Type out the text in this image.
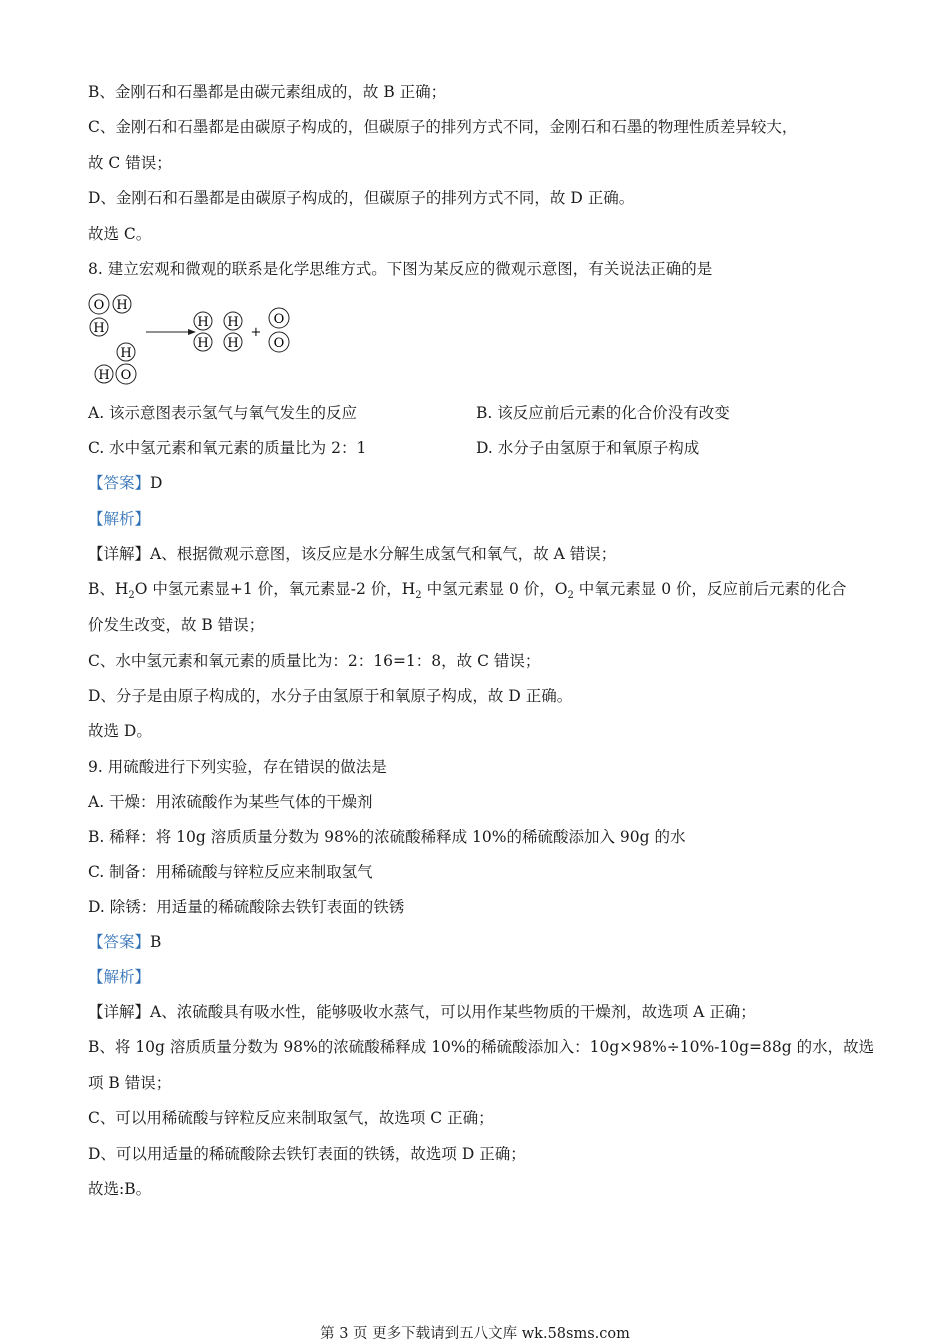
B、金刚石和石墨都是由碳元素组成的，故 B 正确；
C、金刚石和石墨都是由碳原子构成的，但碳原子的排列方式不同，金刚石和石墨的物理性质差异较大，
故 C 错误；
D、金刚石和石墨都是由碳原子构成的，但碳原子的排列方式不同，故 D 正确。
故选 C。
8. 建立宏观和微观的联系是化学思维方式。下图为某反应的微观示意图，有关说法正确的是
O H
H
H
H O
H
H
H
H
+
O
O
A. 该示意图表示氢气与氧气发生的反应	B. 该反应前后元素的化合价没有改变
C. 水中氢元素和氧元素的质量比为 2：1	D. 水分子由氢原于和氧原子构成
【答案】D
【解析】
【详解】A、根据微观示意图，该反应是水分解生成氢气和氧气，故 A 错误；
B、$H_2O$ 中氢元素显+1 价，氧元素显-2 价，$H_2$ 中氢元素显 0 价，$O_2$ 中氧元素显 0 价，反应前后元素的化合
价发生改变，故 B 错误；
C、水中氢元素和氧元素的质量比为：2：16=1：8，故 C 错误；
D、分子是由原子构成的，水分子由氢原于和氧原子构成，故 D 正确。
故选 D。
9. 用硫酸进行下列实验，存在错误的做法是
A. 干燥：用浓硫酸作为某些气体的干燥剂
B. 稀释：将 10g 溶质质量分数为 98%的浓硫酸稀释成 10%的稀硫酸添加入 90g 的水
C. 制备：用稀硫酸与锌粒反应来制取氢气
D. 除锈：用适量的稀硫酸除去铁钉表面的铁锈
【答案】B
【解析】
【详解】A、浓硫酸具有吸水性，能够吸收水蒸气，可以用作某些物质的干燥剂，故选项 A 正确；
B、将 10g 溶质质量分数为 98%的浓硫酸稀释成 10%的稀硫酸添加入：10g×98%÷10%-10g=88g 的水，故选
项 B 错误；
C、可以用稀硫酸与锌粒反应来制取氢气，故选项 C 正确；
D、可以用适量的稀硫酸除去铁钉表面的铁锈，故选项 D 正确；
故选:B。
第 3 页 更多下载请到五八文库 wk.58sms.com
